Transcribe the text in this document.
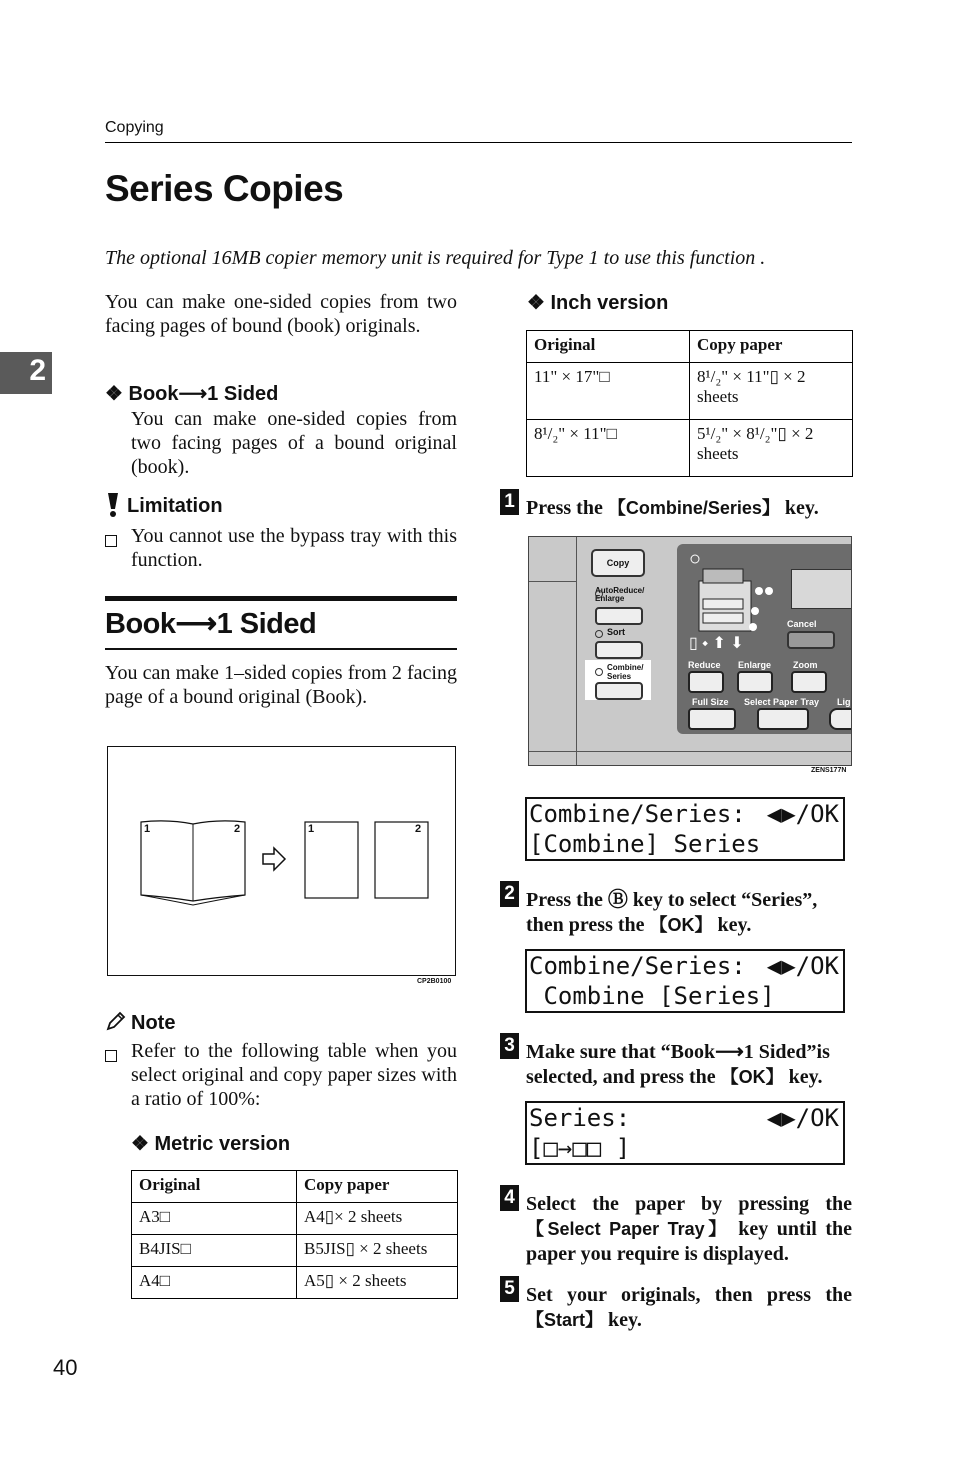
Copying
2
Series Copies
The optional 16MB copier memory unit is required for Type 1 to use this function .
You can make one-sided copies from two facing pages of bound (book) originals.
❖ Book⟶1 Sided
You can make one-sided copies from two facing pages of a bound original (book).
Limitation
You cannot use the bypass tray with this function.
Book⟶1 Sided
You can make 1–sided copies from 2 facing page of a bound original (Book).
1	2	1	2
CP2B0100
Note
Refer to the following table when you select original and copy paper sizes with a ratio of 100%:
❖ Metric version
Original	Copy paper
A3□	A4▯× 2 sheets
B4JIS□	B5JIS▯ × 2 sheets
A4□	A5▯ × 2 sheets
❖ Inch version
Original	Copy paper
11" × 17"□	8¹/₂" × 11"▯ × 2 sheets
8¹/₂" × 11"□	5¹/₂" × 8¹/₂"▯ × 2 sheets
1 Press the 【Combine/Series】 key.
Copy
AutoReduce/ Enlarge
Sort
Combine/ Series
▯ ⬩ ⬆ ⬇
Cancel
Reduce Enlarge Zoom
Full Size Select Paper Tray Lig
ZENS177N
Combine/Series: ◀▶/OK
[Combine] Series
2 Press the Ⓑ key to select “Series”, then press the 【OK】 key.
Combine/Series: ◀▶/OK
Combine [Series]
3 Make sure that “Book⟶1 Sided”is selected, and press the 【OK】 key.
Series:	◀▶/OK
[□→□□ ]
4 Select the paper by pressing the 【Select Paper Tray】 key until the paper you require is displayed.
5 Set your originals, then press the 【Start】 key.
40
